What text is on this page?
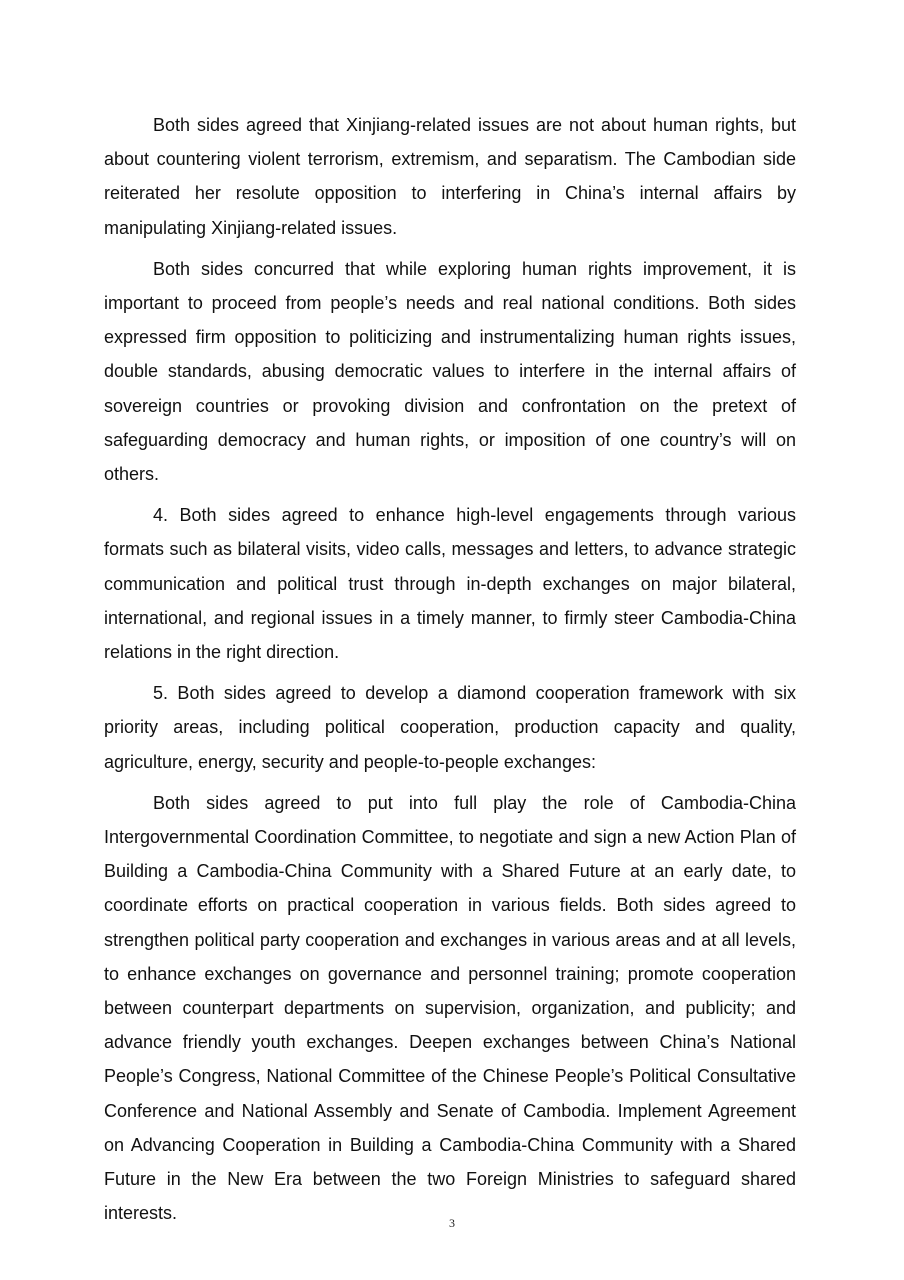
Both sides agreed that Xinjiang-related issues are not about human rights, but about countering violent terrorism, extremism, and separatism. The Cambodian side reiterated her resolute opposition to interfering in China’s internal affairs by manipulating Xinjiang-related issues.

Both sides concurred that while exploring human rights improvement, it is important to proceed from people’s needs and real national conditions. Both sides expressed firm opposition to politicizing and instrumentalizing human rights issues, double standards, abusing democratic values to interfere in the internal affairs of sovereign countries or provoking division and confrontation on the pretext of safeguarding democracy and human rights, or imposition of one country’s will on others.

4. Both sides agreed to enhance high-level engagements through various formats such as bilateral visits, video calls, messages and letters, to advance strategic communication and political trust through in-depth exchanges on major bilateral, international, and regional issues in a timely manner, to firmly steer Cambodia-China relations in the right direction.

5. Both sides agreed to develop a diamond cooperation framework with six priority areas, including political cooperation, production capacity and quality, agriculture, energy, security and people-to-people exchanges:

Both sides agreed to put into full play the role of Cambodia-China Intergovernmental Coordination Committee, to negotiate and sign a new Action Plan of Building a Cambodia-China Community with a Shared Future at an early date, to coordinate efforts on practical cooperation in various fields. Both sides agreed to strengthen political party cooperation and exchanges in various areas and at all levels, to enhance exchanges on governance and personnel training; promote cooperation between counterpart departments on supervision, organization, and publicity; and advance friendly youth exchanges. Deepen exchanges between China’s National People’s Congress, National Committee of the Chinese People’s Political Consultative Conference and National Assembly and Senate of Cambodia. Implement Agreement on Advancing Cooperation in Building a Cambodia-China Community with a Shared Future in the New Era between the two Foreign Ministries to safeguard shared interests.	3
